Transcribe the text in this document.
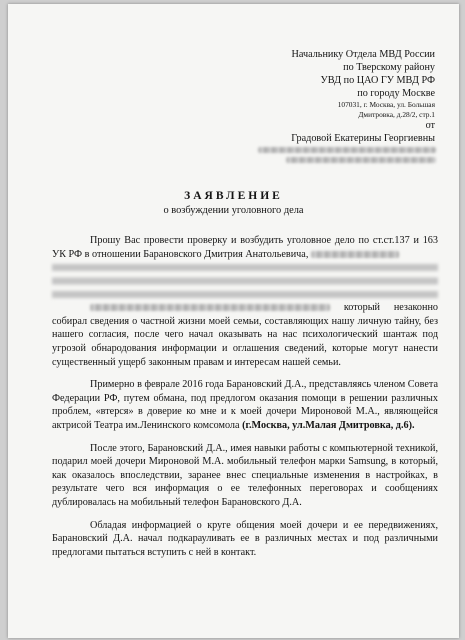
Начальнику Отдела МВД России
по Тверскому району
УВД по ЦАО ГУ МВД РФ
по городу Москве
107031, г. Москва, ул. Большая
Дмитровка, д.28/2, стр.1
от
Градовой Екатерины Георгиевны
ЗАЯВЛЕНИЕ
о возбуждении уголовного дела

Прошу Вас провести проверку и возбудить уголовное дело по ст.ст.137 и 163 УК РФ в отношении Барановского Дмитрия Анатольевича,

который незаконно собирал сведения о частной жизни моей семьи, составляющих нашу личную тайну, без нашего согласия, после чего начал оказывать на нас психологический шантаж под угрозой обнародования информации и оглашения сведений, которые могут нанести существенный ущерб законным правам и интересам нашей семьи.

Примерно в феврале 2016 года Барановский Д.А., представляясь членом Совета Федерации РФ, путем обмана, под предлогом оказания помощи в решении различных проблем, «втерся» в доверие ко мне и к моей дочери Мироновой М.А., являющейся актрисой Театра им.Ленинского комсомола (г.Москва, ул.Малая Дмитровка, д.6).

После этого, Барановский Д.А., имея навыки работы с компьютерной техникой, подарил моей дочери Мироновой М.А. мобильный телефон марки Samsung, в который, как оказалось впоследствии, заранее внес специальные изменения в настройках, в результате чего вся информация о ее телефонных переговорах и сообщениях дублировалась на мобильный телефон Барановского Д.А.

Обладая информацией о круге общения моей дочери и ее передвижениях, Барановский Д.А. начал подкарауливать ее в различных местах и под различными предлогами пытаться вступить с ней в контакт.
